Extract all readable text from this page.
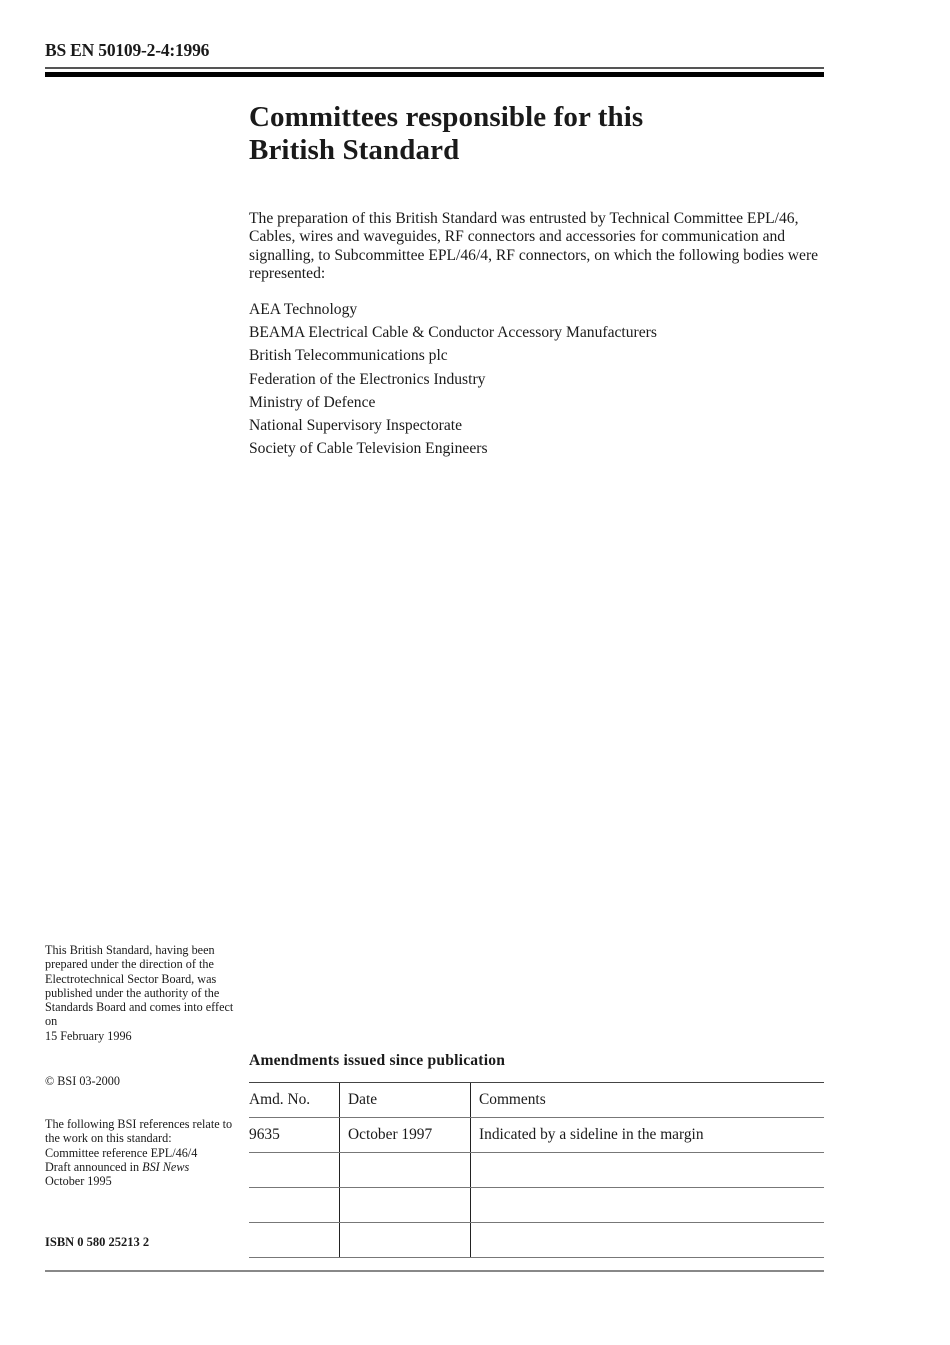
BS EN 50109-2-4:1996
Committees responsible for this
British Standard
The preparation of this British Standard was entrusted by Technical Committee EPL/46, Cables, wires and waveguides, RF connectors and accessories for communication and signalling, to Subcommittee EPL/46/4, RF connectors, on which the following bodies were represented:
AEA Technology
BEAMA Electrical Cable & Conductor Accessory Manufacturers
British Telecommunications plc
Federation of the Electronics Industry
Ministry of Defence
National Supervisory Inspectorate
Society of Cable Television Engineers
This British Standard, having been prepared under the direction of the Electrotechnical Sector Board, was published under the authority of the Standards Board and comes into effect on
15 February 1996
© BSI 03-2000
The following BSI references relate to the work on this standard:
Committee reference EPL/46/4
Draft announced in BSI News
October 1995
ISBN 0 580 25213 2
Amendments issued since publication
Amd. No.	Date	Comments
9635	October 1997	Indicated by a sideline in the margin
